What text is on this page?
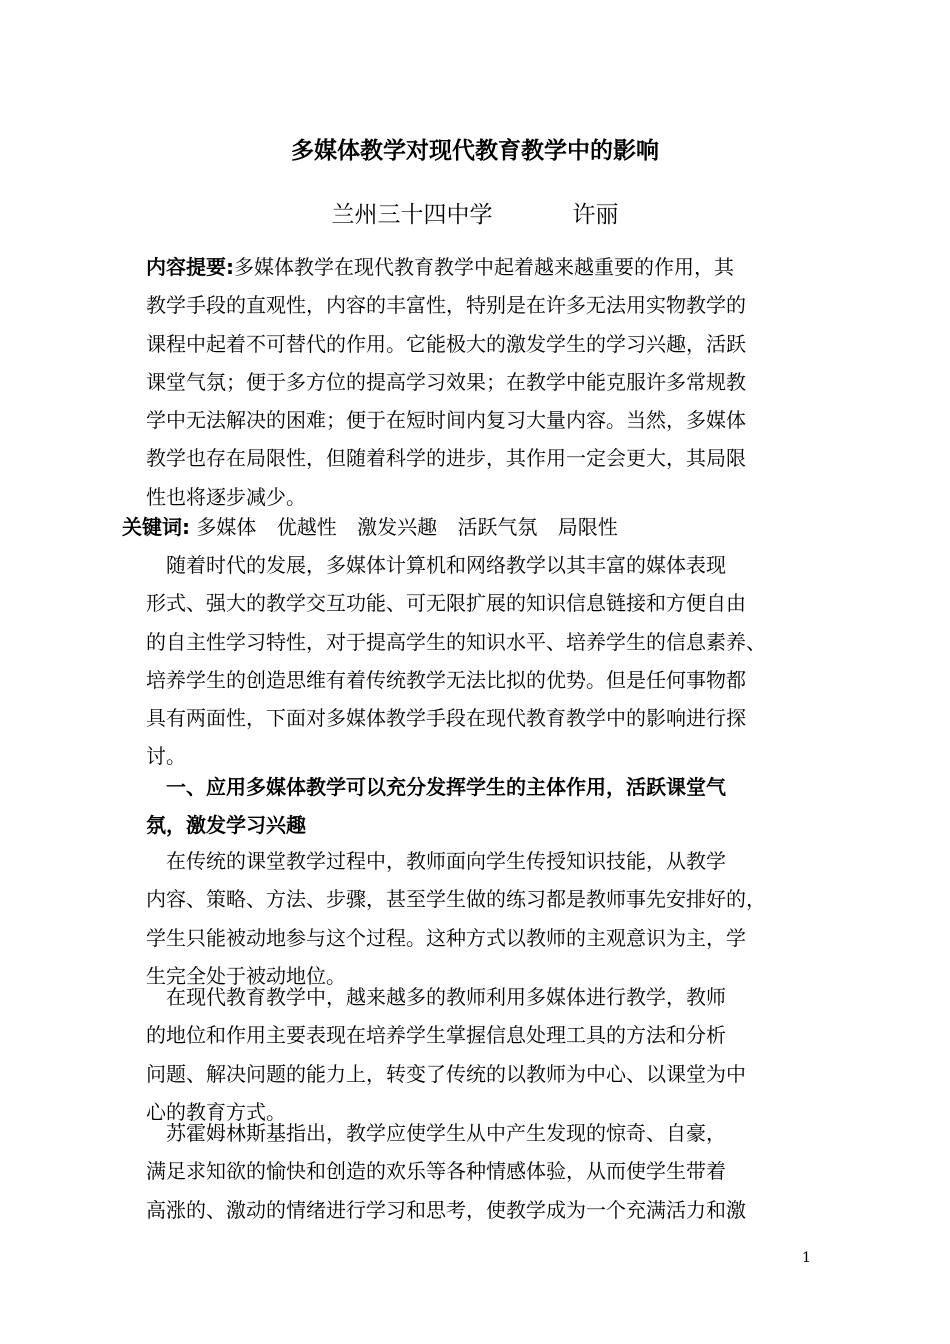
多媒体教学对现代教育教学中的影响
兰州三十四中学	许丽
内容提要:多媒体教学在现代教育教学中起着越来越重要的作用，其
教学手段的直观性，内容的丰富性，特别是在许多无法用实物教学的
课程中起着不可替代的作用。它能极大的激发学生的学习兴趣，活跃
课堂气氛；便于多方位的提高学习效果；在教学中能克服许多常规教
学中无法解决的困难；便于在短时间内复习大量内容。当然，多媒体
教学也存在局限性，但随着科学的进步，其作用一定会更大，其局限
性也将逐步减少。
关键词: 多媒体 优越性 激发兴趣 活跃气氛 局限性
　随着时代的发展，多媒体计算机和网络教学以其丰富的媒体表现
形式、强大的教学交互功能、可无限扩展的知识信息链接和方便自由
的自主性学习特性，对于提高学生的知识水平、培养学生的信息素养、
培养学生的创造思维有着传统教学无法比拟的优势。但是任何事物都
具有两面性，下面对多媒体教学手段在现代教育教学中的影响进行探
讨。
　一、应用多媒体教学可以充分发挥学生的主体作用，活跃课堂气
氛，激发学习兴趣
　在传统的课堂教学过程中，教师面向学生传授知识技能，从教学
内容、策略、方法、步骤，甚至学生做的练习都是教师事先安排好的，
学生只能被动地参与这个过程。这种方式以教师的主观意识为主，学
生完全处于被动地位。
　在现代教育教学中，越来越多的教师利用多媒体进行教学，教师
的地位和作用主要表现在培养学生掌握信息处理工具的方法和分析
问题、解决问题的能力上，转变了传统的以教师为中心、以课堂为中
心的教育方式。
　苏霍姆林斯基指出，教学应使学生从中产生发现的惊奇、自豪，
满足求知欲的愉快和创造的欢乐等各种情感体验，从而使学生带着
高涨的、激动的情绪进行学习和思考，使教学成为一个充满活力和激
1
